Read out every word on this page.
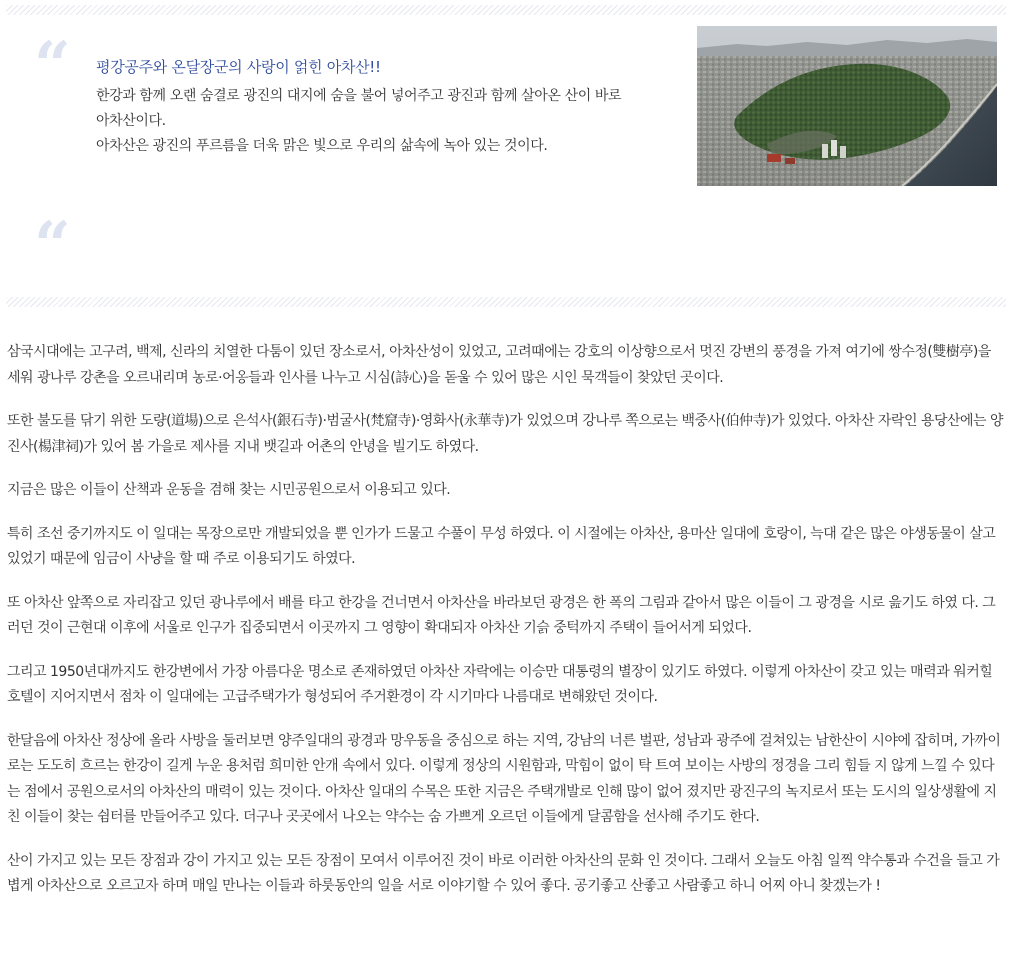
“
“
평강공주와 온달장군의 사랑이 얽힌 아차산!!

한강과 함께 오랜 숨결로 광진의 대지에 숨을 불어 넣어주고 광진과 함께 살아온 산이 바로

아차산이다.

아차산은 광진의 푸르름을 더욱 맑은 빛으로 우리의 삶속에 녹아 있는 것이다.

삼국시대에는 고구려, 백제, 신라의 치열한 다툼이 있던 장소로서, 아차산성이 있었고, 고려때에는 강호의 이상향으로서 멋진 강변의 풍경을 가져 여기에 쌍수정(雙樹亭)을 세워 광나루 강촌을 오르내리며 농로·어옹들과 인사를 나누고 시심(詩心)을 돋울 수 있어 많은 시인 묵객들이 찾았던 곳이다.

또한 불도를 닦기 위한 도량(道場)으로 은석사(銀石寺)·범굴사(梵窟寺)·영화사(永華寺)가 있었으며 강나루 쪽으로는 백중사(伯仲寺)가 있었다. 아차산 자락인 용당산에는 양진사(楊津祠)가 있어 봄 가을로 제사를 지내 뱃길과 어촌의 안녕을 빌기도 하였다.

지금은 많은 이들이 산책과 운동을 겸해 찾는 시민공원으로서 이용되고 있다.

특히 조선 중기까지도 이 일대는 목장으로만 개발되었을 뿐 인가가 드물고 수풀이 무성 하였다. 이 시절에는 아차산, 용마산 일대에 호랑이, 늑대 같은 많은 야생동물이 살고 있었기 때문에 임금이 사냥을 할 때 주로 이용되기도 하였다.

또 아차산 앞쪽으로 자리잡고 있던 광나루에서 배를 타고 한강을 건너면서 아차산을 바라보던 광경은 한 폭의 그림과 같아서 많은 이들이 그 광경을 시로 읊기도 하였 다. 그러던 것이 근현대 이후에 서울로 인구가 집중되면서 이곳까지 그 영향이 확대되자 아차산 기슭 중턱까지 주택이 들어서게 되었다.

그리고 1950년대까지도 한강변에서 가장 아름다운 명소로 존재하였던 아차산 자락에는 이승만 대통령의 별장이 있기도 하였다. 이렇게 아차산이 갖고 있는 매력과 워커힐 호텔이 지어지면서 점차 이 일대에는 고급주택가가 형성되어 주거환경이 각 시기마다 나름대로 변해왔던 것이다.

한달음에 아차산 정상에 올라 사방을 둘러보면 양주일대의 광경과 망우동을 중심으로 하는 지역, 강남의 너른 벌판, 성남과 광주에 걸쳐있는 남한산이 시야에 잡히며, 가까이로는 도도히 흐르는 한강이 길게 누운 용처럼 희미한 안개 속에서 있다. 이렇게 정상의 시원함과, 막힘이 없이 탁 트여 보이는 사방의 정경을 그리 힘들 지 않게 느낄 수 있다는 점에서 공원으로서의 아차산의 매력이 있는 것이다. 아차산 일대의 수목은 또한 지금은 주택개발로 인해 많이 없어 졌지만 광진구의 녹지로서 또는 도시의 일상생활에 지친 이들이 찾는 쉼터를 만들어주고 있다. 더구나 곳곳에서 나오는 약수는 숨 가쁘게 오르던 이들에게 달콤함을 선사해 주기도 한다.

산이 가지고 있는 모든 장점과 강이 가지고 있는 모든 장점이 모여서 이루어진 것이 바로 이러한 아차산의 문화 인 것이다. 그래서 오늘도 아침 일찍 약수통과 수건을 들고 가볍게 아차산으로 오르고자 하며 매일 만나는 이들과 하룻동안의 일을 서로 이야기할 수 있어 좋다. 공기좋고 산좋고 사람좋고 하니 어찌 아니 찾겠는가 !
